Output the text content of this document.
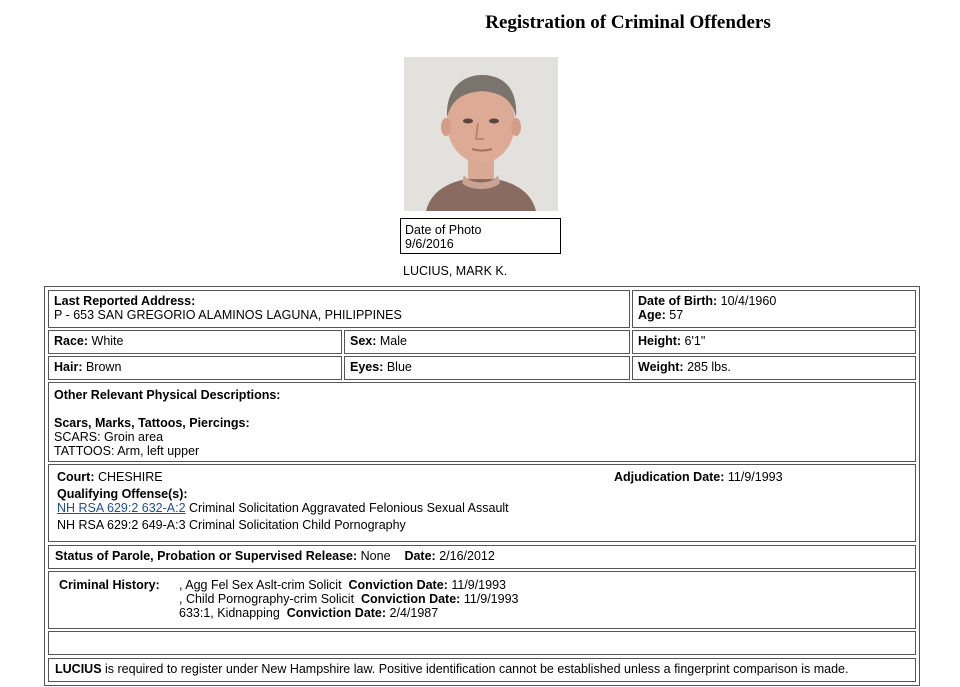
Registration of Criminal Offenders
Date of Photo
9/6/2016
LUCIUS, MARK K.
Last Reported Address:
P - 653 SAN GREGORIO ALAMINOS LAGUNA, PHILIPPINES
Date of Birth: 10/4/1960
Age: 57
Race: White	Sex: Male	Height: 6'1"
Hair: Brown	Eyes: Blue	Weight: 285 lbs.
Other Relevant Physical Descriptions:
Scars, Marks, Tattoos, Piercings:
SCARS: Groin area
TATTOOS: Arm, left upper
Court: CHESHIRE	Adjudication Date: 11/9/1993
Qualifying Offense(s):
NH RSA 629:2 632-A:2 Criminal Solicitation Aggravated Felonious Sexual Assault
NH RSA 629:2 649-A:3 Criminal Solicitation Child Pornography
Status of Parole, Probation or Supervised Release: None Date: 2/16/2012
Criminal History: , Agg Fel Sex Aslt-crim Solicit Conviction Date: 11/9/1993
, Child Pornography-crim Solicit Conviction Date: 11/9/1993
633:1, Kidnapping Conviction Date: 2/4/1987
LUCIUS is required to register under New Hampshire law. Positive identification cannot be established unless a fingerprint comparison is made.
